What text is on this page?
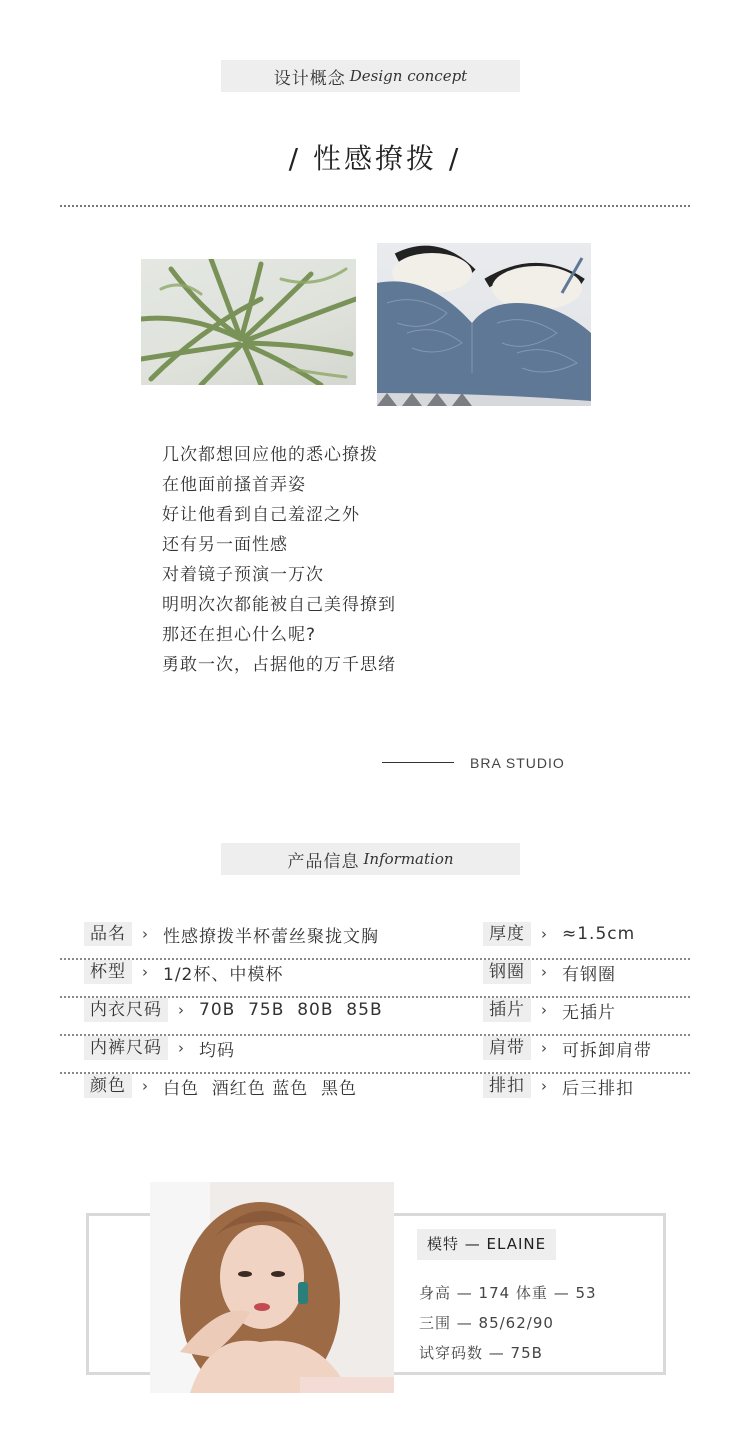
设计概念 Design concept
/ 性感撩拨 /
几次都想回应他的悉心撩拨
在他面前搔首弄姿
好让他看到自己羞涩之外
还有另一面性感
对着镜子预演一万次
明明次次都能被自己美得撩到
那还在担心什么呢?
勇敢一次，占据他的万千思绪
BRA STUDIO
产品信息 Information
品名	› 性感撩拨半杯蕾丝聚拢文胸	厚度	› ≈1.5cm
杯型	› 1/2杯、中模杯	钢圈	› 有钢圈
内衣尺码	› 70B  75B  80B  85B	插片	› 无插片
内裤尺码	› 均码	肩带	› 可拆卸肩带
颜色	› 白色  酒红色 蓝色  黑色	排扣	› 后三排扣
模特 — ELAINE
身高 — 174 体重 — 53
三围 — 85/62/90
试穿码数 — 75B
